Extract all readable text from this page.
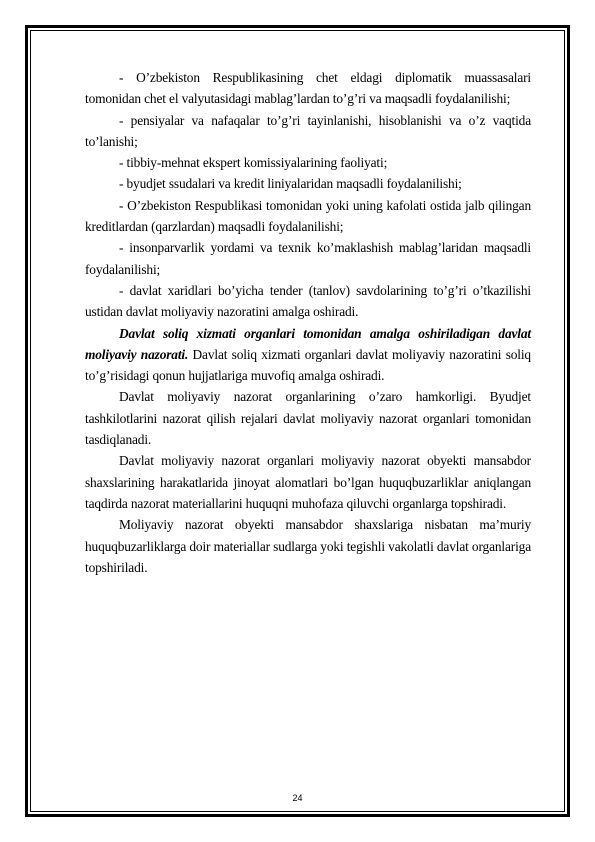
- O’zbekiston Respublikasining chet eldagi diplomatik muassasalari tomonidan chet el valyutasidagi mablag’lardan to’g’ri va maqsadli foydalanilishi;

- pensiyalar va nafaqalar to’g’ri tayinlanishi, hisoblanishi va o’z vaqtida to’lanishi;

- tibbiy-mehnat ekspert komissiyalarining faoliyati;

- byudjet ssudalari va kredit liniyalaridan maqsadli foydalanilishi;

- O’zbekiston Respublikasi tomonidan yoki uning kafolati ostida jalb qilingan kreditlardan (qarzlardan) maqsadli foydalanilishi;

- insonparvarlik yordami va texnik ko’maklashish mablag’laridan maqsadli foydalanilishi;

- davlat xaridlari bo’yicha tender (tanlov) savdolarining to’g’ri o’tkazilishi ustidan davlat moliyaviy nazoratini amalga oshiradi.

Davlat soliq xizmati organlari tomonidan amalga oshiriladigan davlat moliyaviy nazorati. Davlat soliq xizmati organlari davlat moliyaviy nazoratini soliq to’g’risidagi qonun hujjatlariga muvofiq amalga oshiradi.

Davlat moliyaviy nazorat organlarining o’zaro hamkorligi. Byudjet tashkilotlarini nazorat qilish rejalari davlat moliyaviy nazorat organlari tomonidan tasdiqlanadi.

Davlat moliyaviy nazorat organlari moliyaviy nazorat obyekti mansabdor shaxslarining harakatlarida jinoyat alomatlari bo’lgan huquqbuzarliklar aniqlangan taqdirda nazorat materiallarini huquqni muhofaza qiluvchi organlarga topshiradi.

Moliyaviy nazorat obyekti mansabdor shaxslariga nisbatan ma’muriy huquqbuzarliklarga doir materiallar sudlarga yoki tegishli vakolatli davlat organlariga topshiriladi.

24
